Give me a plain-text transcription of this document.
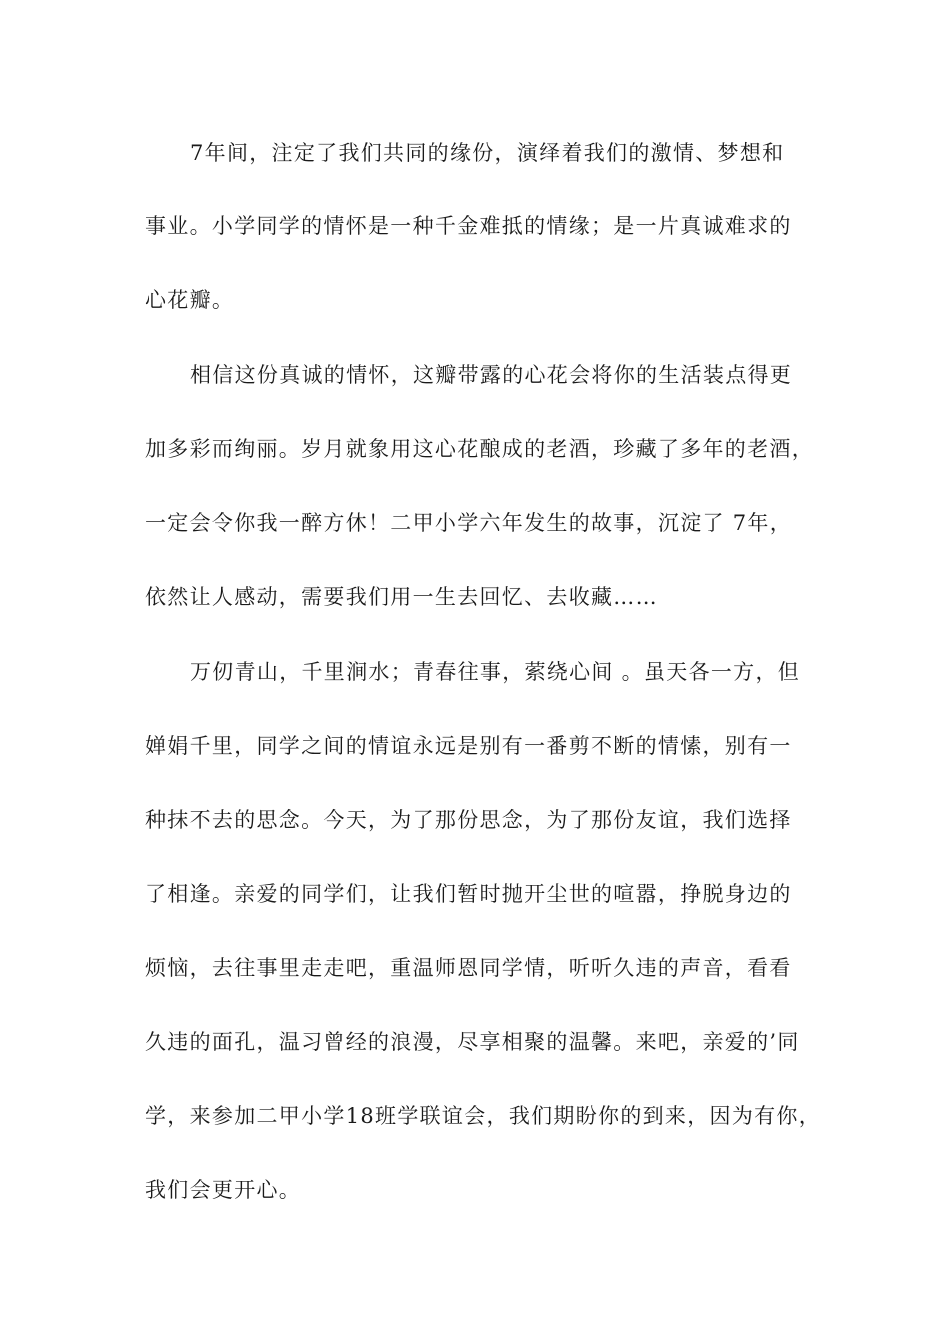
7年间，注定了我们共同的缘份，演绎着我们的激情、梦想和
事业。小学同学的情怀是一种千金难抵的情缘；是一片真诚难求的
心花瓣。
相信这份真诚的情怀，这瓣带露的心花会将你的生活装点得更
加多彩而绚丽。岁月就象用这心花酿成的老酒，珍藏了多年的老酒，
一定会令你我一醉方休！二甲小学六年发生的故事，沉淀了 7年，
依然让人感动，需要我们用一生去回忆、去收藏……
万仞青山，千里涧水；青春往事，萦绕心间 。虽天各一方，但
婵娟千里，同学之间的情谊永远是别有一番剪不断的情愫，别有一
种抹不去的思念。今天，为了那份思念，为了那份友谊，我们选择
了相逢。亲爱的同学们，让我们暂时抛开尘世的喧嚣，挣脱身边的
烦恼，去往事里走走吧，重温师恩同学情，听听久违的声音，看看
久违的面孔，温习曾经的浪漫，尽享相聚的温馨。来吧，亲爱的’同
学，来参加二甲小学18班学联谊会，我们期盼你的到来，因为有你，
我们会更开心。
